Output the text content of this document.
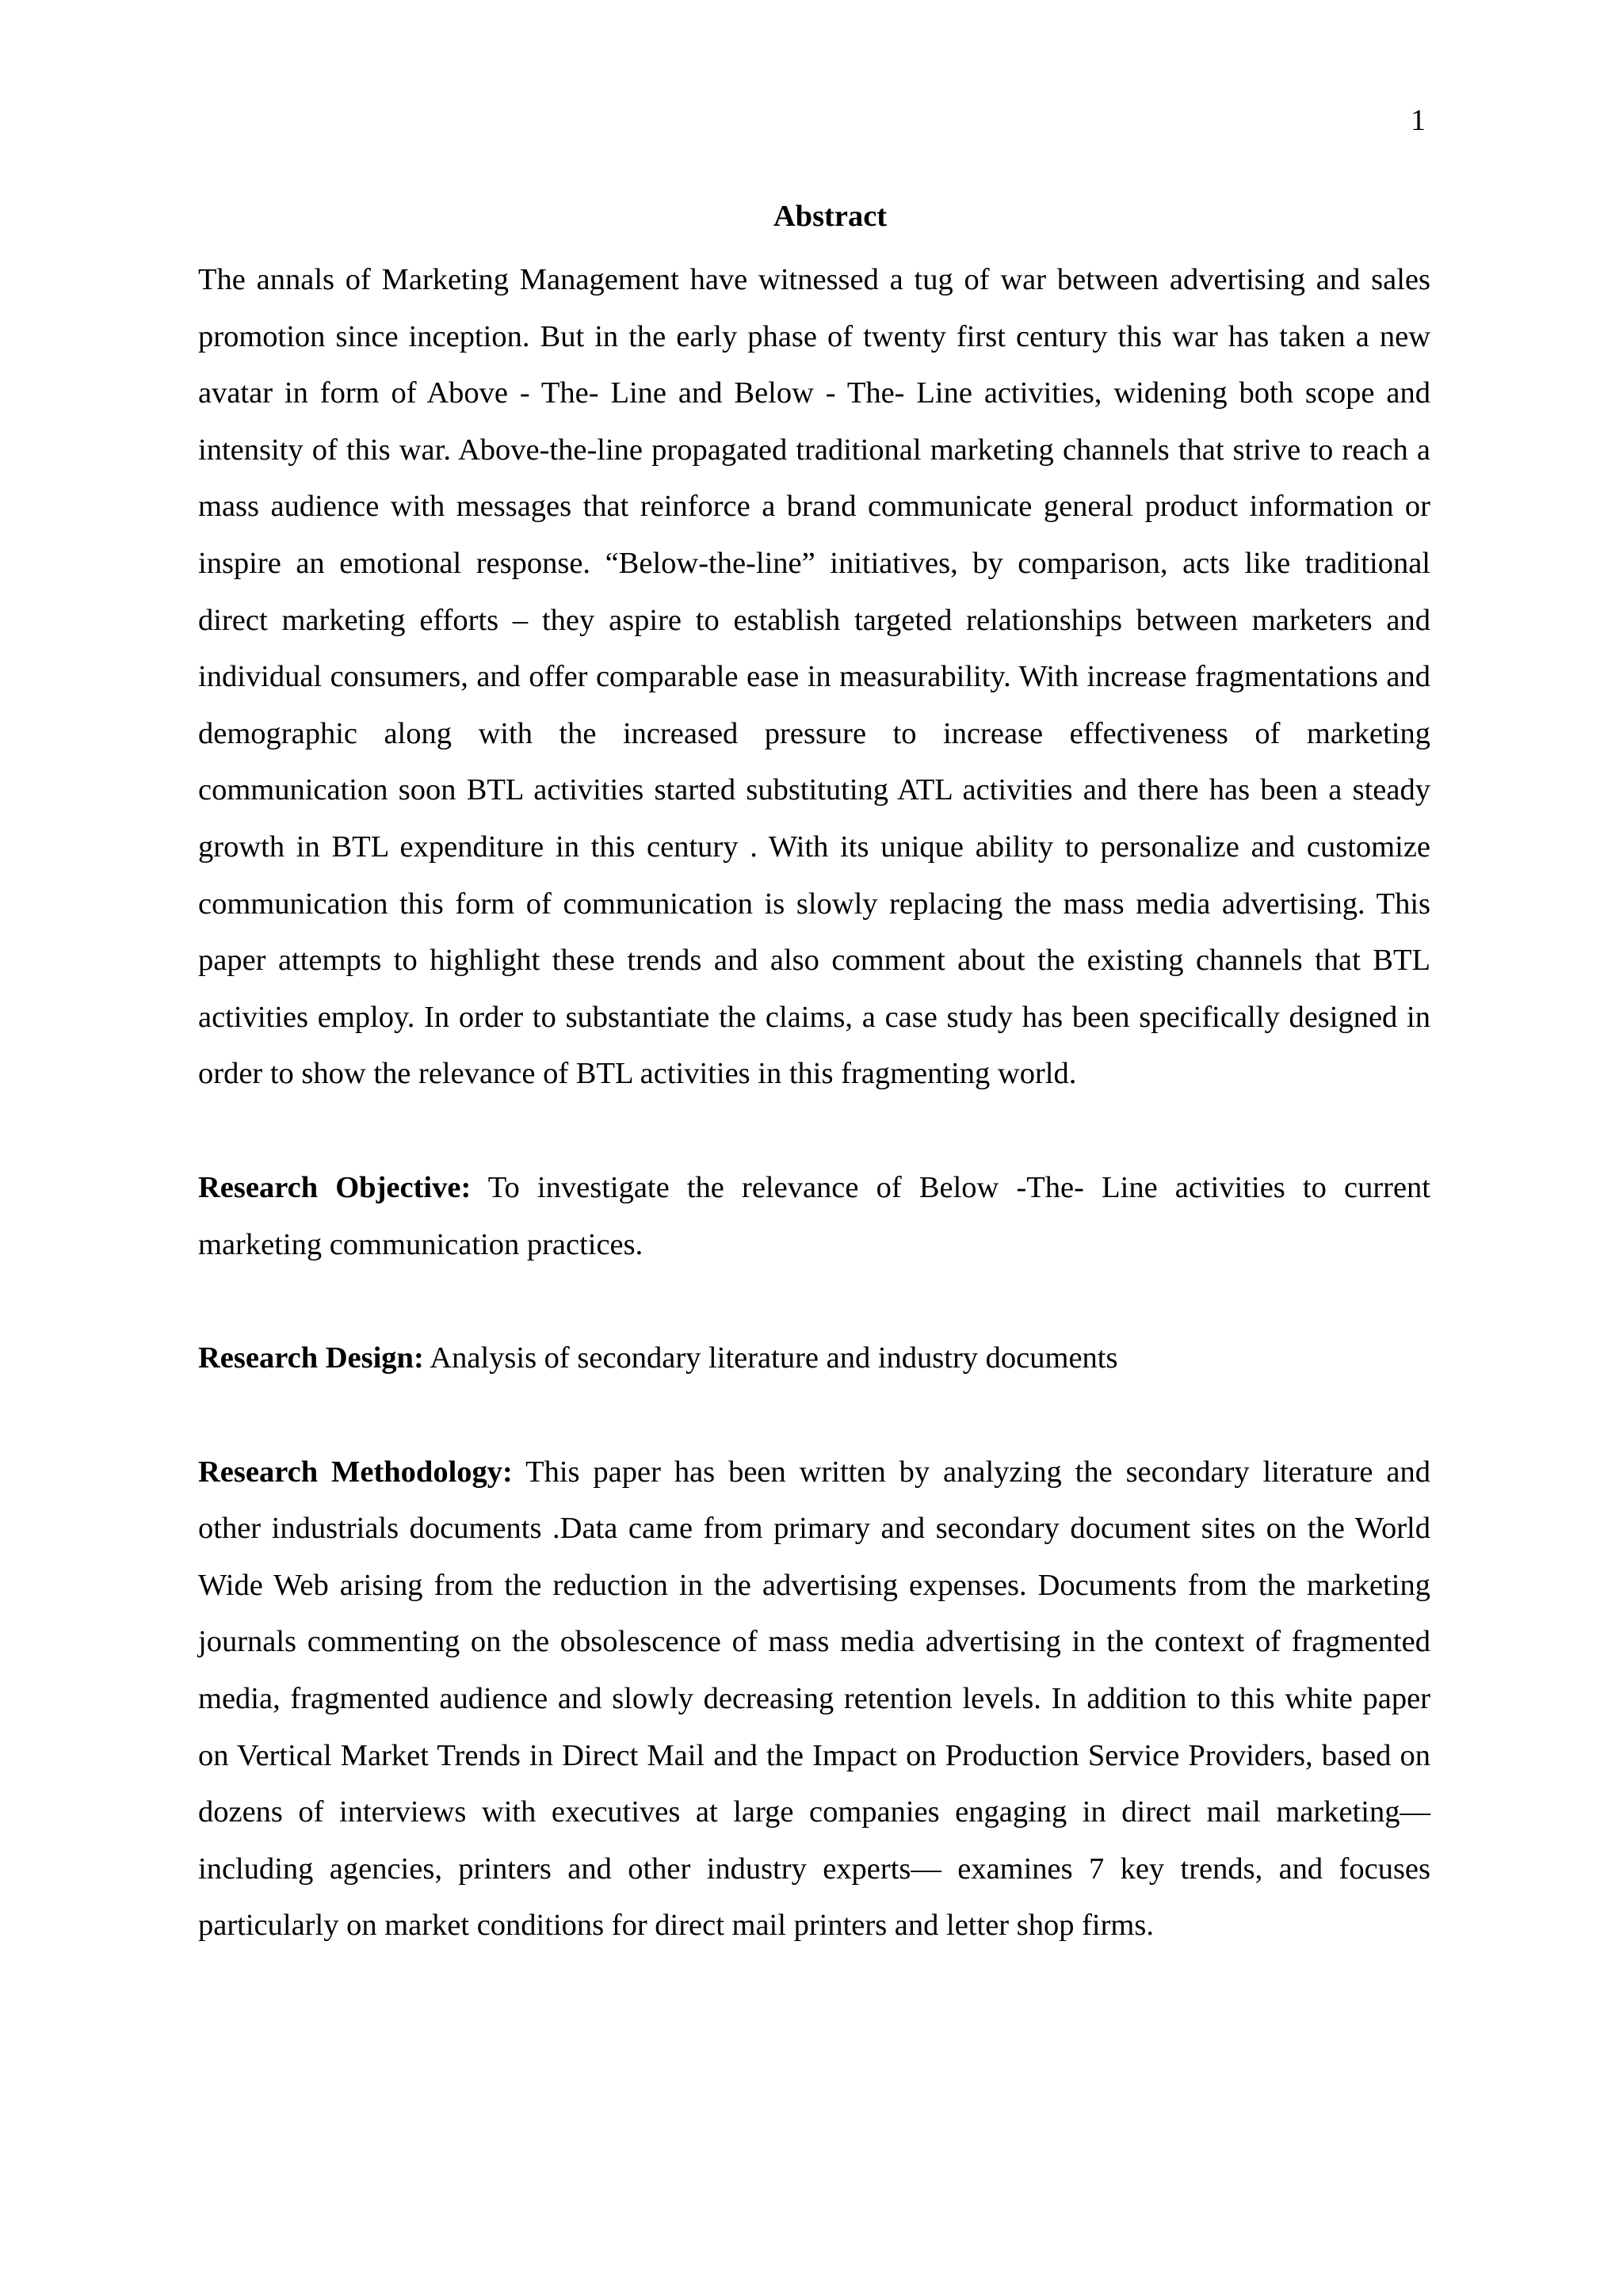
1
Abstract

The annals of Marketing Management have witnessed a tug of war between advertising and sales promotion since inception. But in the early phase of twenty first century this war has taken a new avatar in form of Above - The- Line and Below - The- Line activities, widening both scope and intensity of this war. Above-the-line propagated traditional marketing channels that strive to reach a mass audience with messages that reinforce a brand communicate general product information or inspire an emotional response. “Below-the-line” initiatives, by comparison, acts like traditional direct marketing efforts – they aspire to establish targeted relationships between marketers and individual consumers, and offer comparable ease in measurability. With increase fragmentations and demographic along with the increased pressure to increase effectiveness of marketing communication soon BTL activities started substituting ATL activities and there has been a steady growth in BTL expenditure in this century . With its unique ability to personalize and customize communication this form of communication is slowly replacing the mass media advertising. This paper attempts to highlight these trends and also comment about the existing channels that BTL activities employ. In order to substantiate the claims, a case study has been specifically designed in order to show the relevance of BTL activities in this fragmenting world.

Research Objective: To investigate the relevance of Below -The- Line activities to current marketing communication practices.

Research Design: Analysis of secondary literature and industry documents

Research Methodology: This paper has been written by analyzing the secondary literature and other industrials documents .Data came from primary and secondary document sites on the World Wide Web arising from the reduction in the advertising expenses. Documents from the marketing journals commenting on the obsolescence of mass media advertising in the context of fragmented media, fragmented audience and slowly decreasing retention levels. In addition to this white paper on Vertical Market Trends in Direct Mail and the Impact on Production Service Providers, based on dozens of interviews with executives at large companies engaging in direct mail marketing—including agencies, printers and other industry experts— examines 7 key trends, and focuses particularly on market conditions for direct mail printers and letter shop firms.
